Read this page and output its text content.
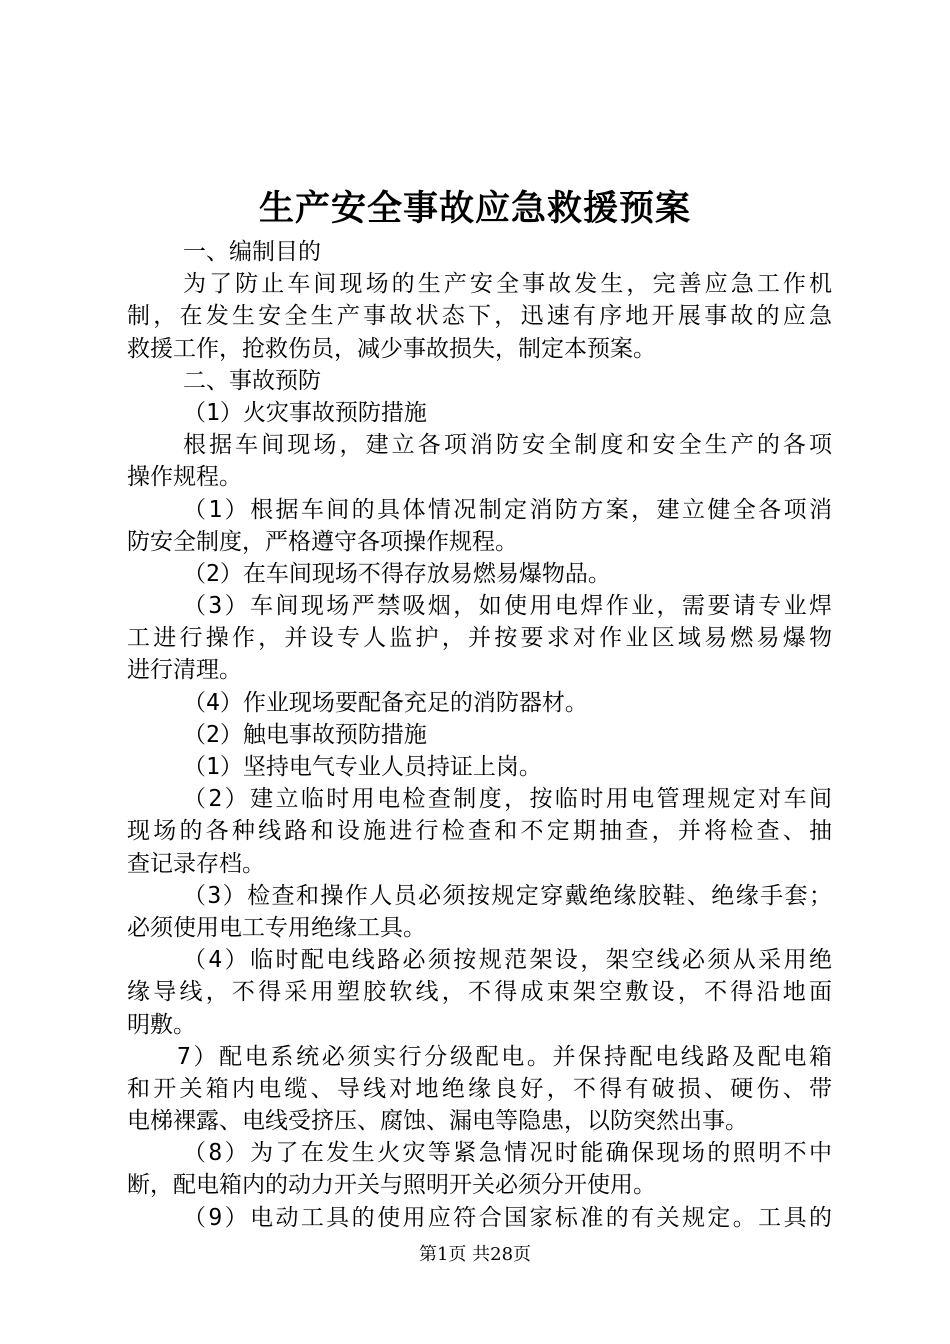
生产安全事故应急救援预案
一、编制目的
为了防止车间现场的生产安全事故发生，完善应急工作机
制，在发生安全生产事故状态下，迅速有序地开展事故的应急
救援工作，抢救伤员，减少事故损失，制定本预案。
二、事故预防
（1）火灾事故预防措施
根据车间现场，建立各项消防安全制度和安全生产的各项
操作规程。
（1）根据车间的具体情况制定消防方案，建立健全各项消
防安全制度，严格遵守各项操作规程。
（2）在车间现场不得存放易燃易爆物品。
（3）车间现场严禁吸烟，如使用电焊作业，需要请专业焊
工进行操作，并设专人监护，并按要求对作业区域易燃易爆物
进行清理。
（4）作业现场要配备充足的消防器材。
（2）触电事故预防措施
（1）坚持电气专业人员持证上岗。
（2）建立临时用电检查制度，按临时用电管理规定对车间
现场的各种线路和设施进行检查和不定期抽查，并将检查、抽
查记录存档。
（3）检查和操作人员必须按规定穿戴绝缘胶鞋、绝缘手套；
必须使用电工专用绝缘工具。
（4）临时配电线路必须按规范架设，架空线必须从采用绝
缘导线，不得采用塑胶软线，不得成束架空敷设，不得沿地面
明敷。
7）配电系统必须实行分级配电。并保持配电线路及配电箱
和开关箱内电缆、导线对地绝缘良好，不得有破损、硬伤、带
电梯裸露、电线受挤压、腐蚀、漏电等隐患，以防突然出事。
（8）为了在发生火灾等紧急情况时能确保现场的照明不中
断，配电箱内的动力开关与照明开关必须分开使用。
（9）电动工具的使用应符合国家标准的有关规定。工具的
第1页 共28页
